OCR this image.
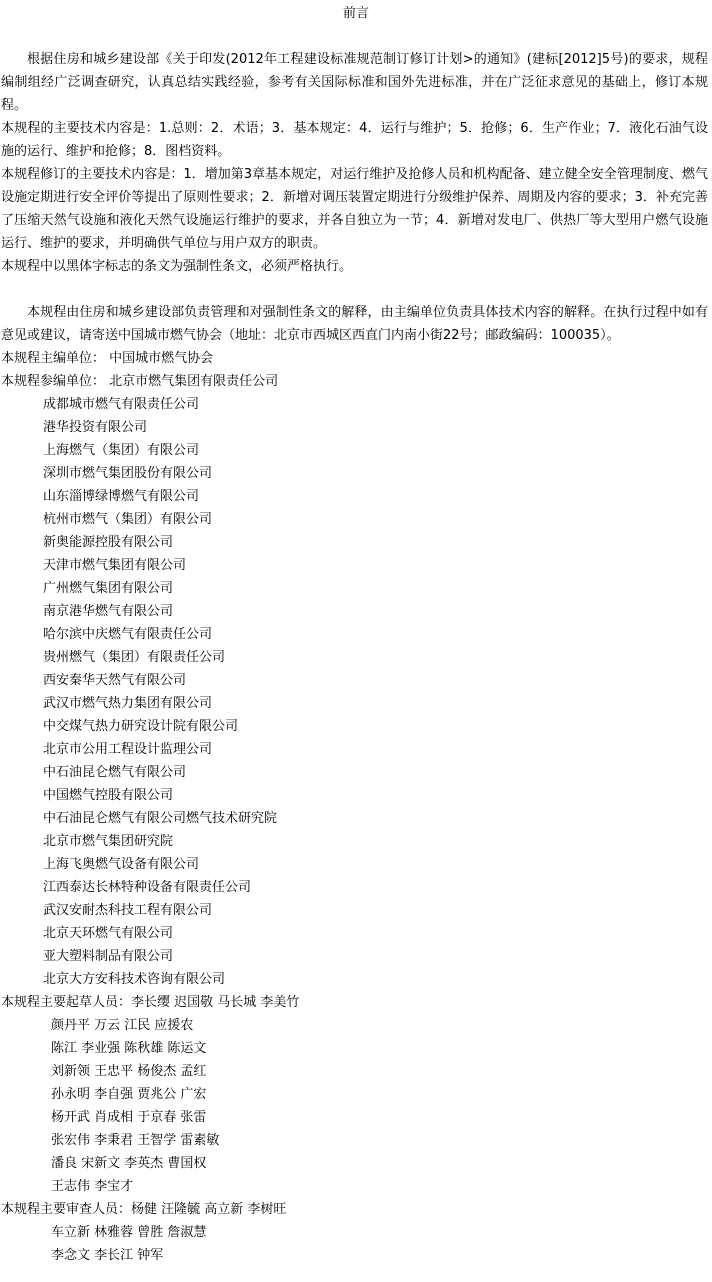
前言
根据住房和城乡建设部《关于印发(2012年工程建设标准规范制订修订计划>的通知》(建标[2012]5号)的要求，规程编制组经广泛调查研究，认真总结实践经验，参考有关国际标准和国外先进标准，并在广泛征求意见的基础上，修订本规程。
本规程的主要技术内容是：1.总则：2．术语；3．基本规定：4．运行与维护；5．抢修；6．生产作业；7．液化石油气设施的运行、维护和抢修；8．图档资料。
本规程修订的主要技术内容是：1．增加第3章基本规定，对运行维护及抢修人员和机构配备、建立健全安全管理制度、燃气设施定期进行安全评价等提出了原则性要求；2．新增对调压装置定期进行分级维护保养、周期及内容的要求；3．补充完善了压缩天然气设施和液化天然气设施运行维护的要求，并各自独立为一节；4．新增对发电厂、供热厂等大型用户燃气设施运行、维护的要求，并明确供气单位与用户双方的职责。
本规程中以黑体字标志的条文为强制性条文，必须严格执行。
本规程由住房和城乡建设部负责管理和对强制性条文的解释，由主编单位负责具体技术内容的解释。在执行过程中如有意见或建议，请寄送中国城市燃气协会（地址：北京市西城区西直门内南小街22号；邮政编码：100035）。
本规程主编单位： 中国城市燃气协会
本规程参编单位： 北京市燃气集团有限责任公司
成都城市燃气有限责任公司
港华投资有限公司
上海燃气（集团）有限公司
深圳市燃气集团股份有限公司
山东淄博绿博燃气有限公司
杭州市燃气（集团）有限公司
新奥能源控股有限公司
天津市燃气集团有限公司
广州燃气集团有限公司
南京港华燃气有限公司
哈尔滨中庆燃气有限责任公司
贵州燃气（集团）有限责任公司
西安秦华天然气有限公司
武汉市燃气热力集团有限公司
中交煤气热力研究设计院有限公司
北京市公用工程设计监理公司
中石油昆仑燃气有限公司
中国燃气控股有限公司
中石油昆仑燃气有限公司燃气技术研究院
北京市燃气集团研究院
上海飞奥燃气设备有限公司
江西泰达长林特种设备有限责任公司
武汉安耐杰科技工程有限公司
北京天环燃气有限公司
亚大塑料制品有限公司
北京大方安科技术咨询有限公司
本规程主要起草人员：李长缨 迟国敬 马长城 李美竹
颜丹平 万云 江民 应援农
陈江 李业强 陈秋雄 陈运文
刘新领 王忠平 杨俊杰 孟红
孙永明 李自强 贾兆公 广宏
杨开武 肖成相 于京春 张雷
张宏伟 李秉君 王智学 雷素敏
潘良 宋新文 李英杰 曹国权
王志伟 李宝才
本规程主要审查人员：杨健 汪隆毓 高立新 李树旺
车立新 林雅蓉 曾胜 詹淑慧
李念文 李长江 钟军
